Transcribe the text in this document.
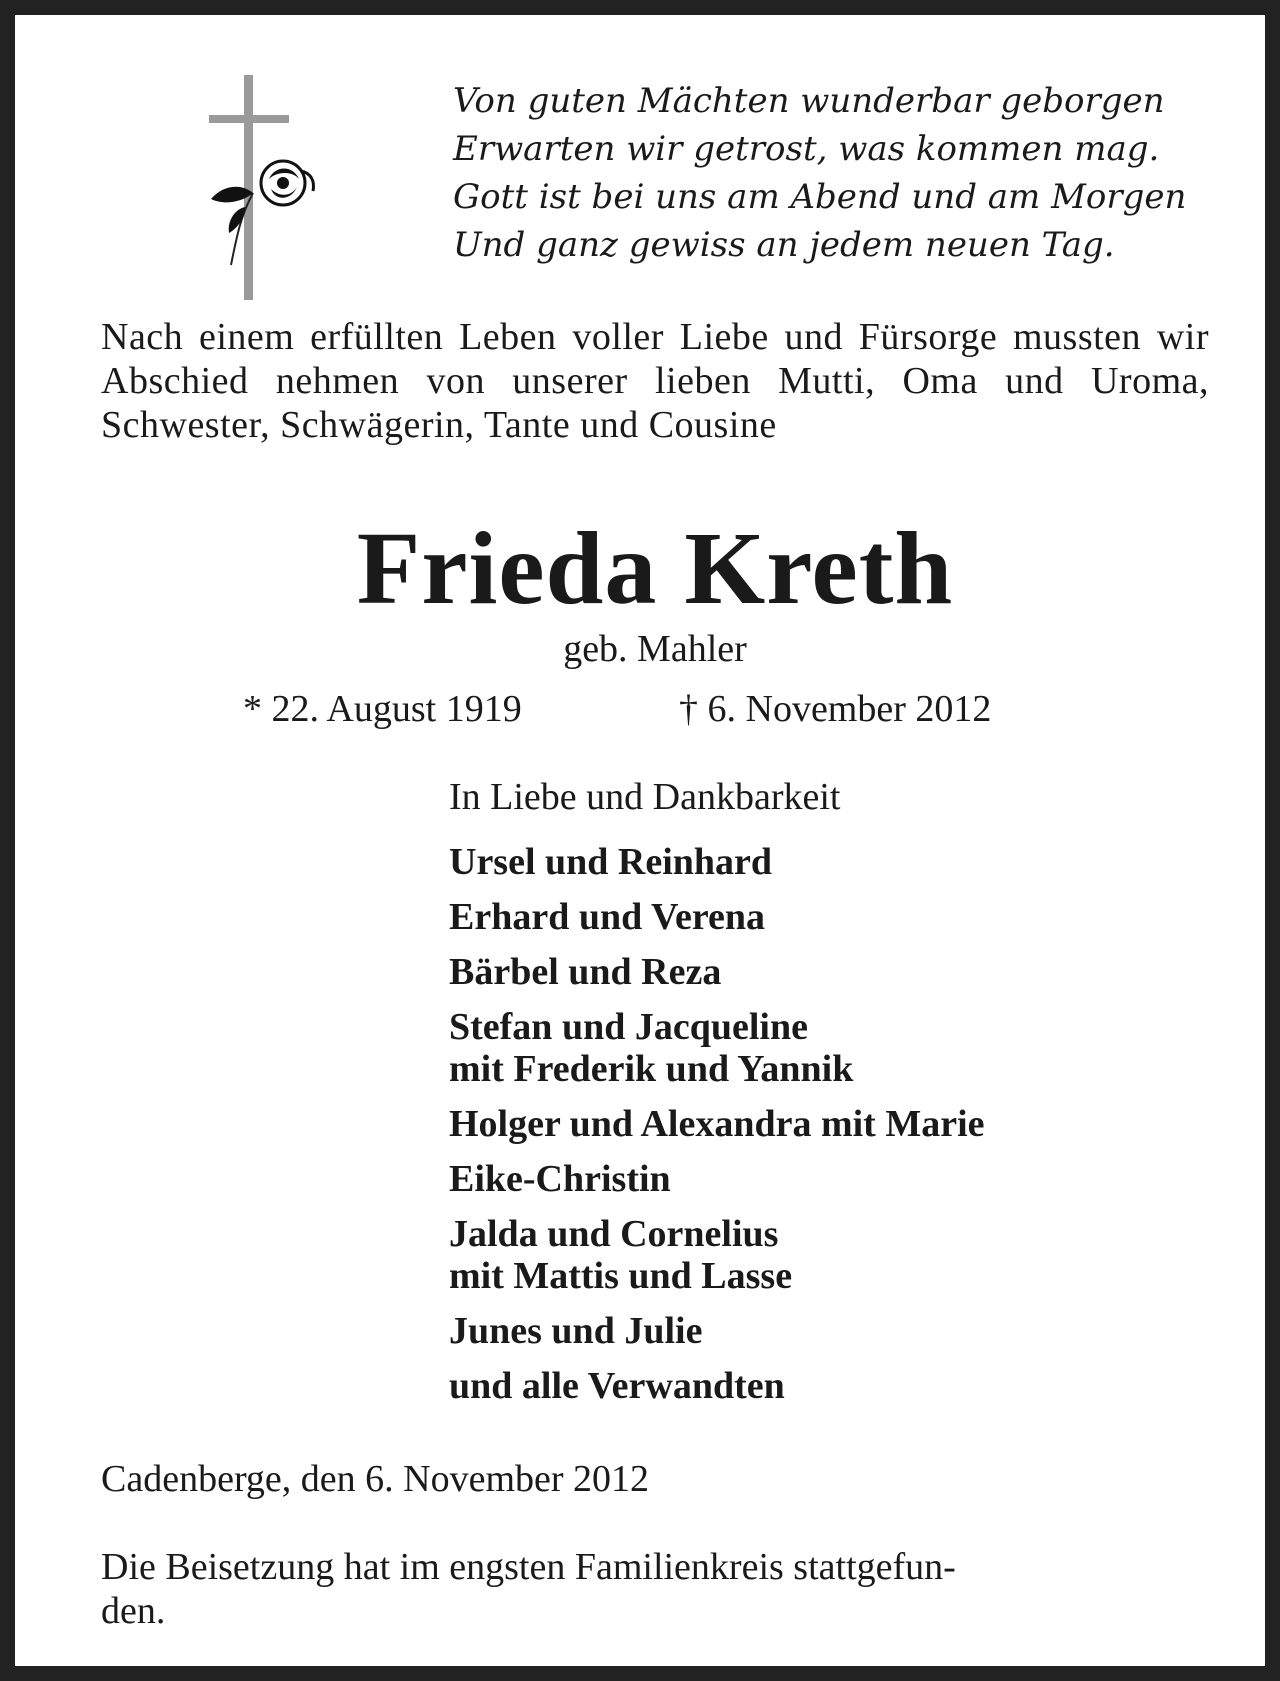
Von guten Mächten wunderbar geborgen
Erwarten wir getrost, was kommen mag.
Gott ist bei uns am Abend und am Morgen
Und ganz gewiss an jedem neuen Tag.
Nach einem erfüllten Leben voller Liebe und Fürsorge mussten wir Abschied nehmen von unserer lieben Mutti, Oma und Uroma, Schwester, Schwägerin, Tante und Cousine
Frieda Kreth
geb. Mahler
* 22. August 1919	† 6. November 2012
In Liebe und Dankbarkeit
Ursel und Reinhard
Erhard und Verena
Bärbel und Reza
Stefan und Jacqueline
mit Frederik und Yannik
Holger und Alexandra mit Marie
Eike-Christin
Jalda und Cornelius
mit Mattis und Lasse
Junes und Julie
und alle Verwandten
Cadenberge, den 6. November 2012
Die Beisetzung hat im engsten Familienkreis stattgefun-
den.
